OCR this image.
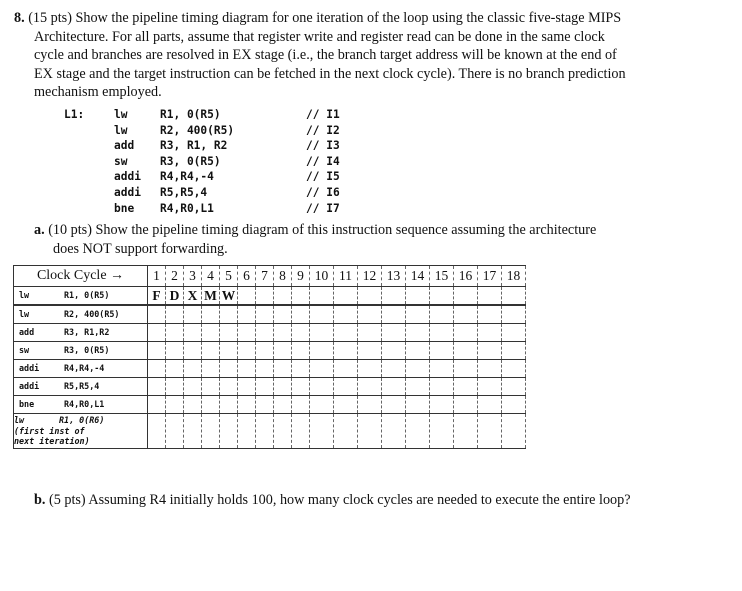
8. (15 pts) Show the pipeline timing diagram for one iteration of the loop using the classic five-stage MIPS
Architecture. For all parts, assume that register write and register read can be done in the same clock
cycle and branches are resolved in EX stage (i.e., the branch target address will be known at the end of
EX stage and the target instruction can be fetched in the next clock cycle). There is no branch prediction
mechanism employed.
L1:	lw	R1, 0(R5)	// I1
lw	R2, 400(R5)	// I2
add R3, R1, R2	// I3
sw	R3, 0(R5)	// I4
addi R4,R4,-4	// I5
addi R5,R5,4	// I6
bne R4,R0,L1	// I7
a. (10 pts) Show the pipeline timing diagram of this instruction sequence assuming the architecture
does NOT support forwarding.
Clock Cycle →	1	2	3	4	5	6	7	8	9	10	11	12	13	14	15	16	17	18

lw R1, 0(R5)	F	D	X	M	W													

lw R2, 400(R5)																		

add R3, R1,R2																		

sw R3, 0(R5)																		

addi R4,R4,-4																		

addi R5,R5,4																		

bne R4,R0,L1																		

lw R1, 0(R6)
(first inst of
next iteration)																		

b. (5 pts) Assuming R4 initially holds 100, how many clock cycles are needed to execute the entire loop?
